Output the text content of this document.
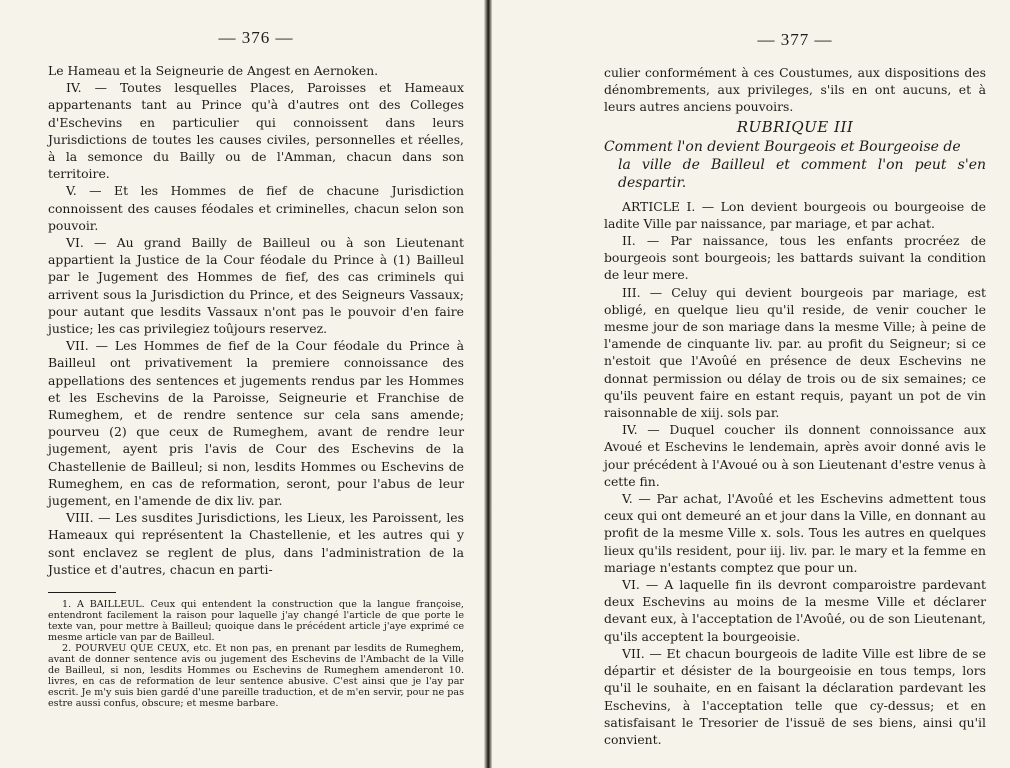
— 376 —

Le Hameau et la Seigneurie de Angest en Aernoken.

IV. — Toutes lesquelles Places, Paroisses et Hameaux appartenants tant au Prince qu'à d'autres ont des Colleges d'Eschevins en particulier qui connoissent dans leurs Jurisdictions de toutes les causes civiles, personnelles et réelles, à la semonce du Bailly ou de l'Amman, chacun dans son territoire.

V. — Et les Hommes de fief de chacune Jurisdiction connoissent des causes féodales et criminelles, chacun selon son pouvoir.

VI. — Au grand Bailly de Bailleul ou à son Lieutenant appartient la Justice de la Cour féodale du Prince à (1) Bailleul par le Jugement des Hommes de fief, des cas criminels qui arrivent sous la Jurisdiction du Prince, et des Seigneurs Vassaux; pour autant que lesdits Vassaux n'ont pas le pouvoir d'en faire justice; les cas privilegiez toûjours reservez.

VII. — Les Hommes de fief de la Cour féodale du Prince à Bailleul ont privativement la premiere connoissance des appellations des sentences et jugements rendus par les Hommes et les Eschevins de la Paroisse, Seigneurie et Franchise de Rumeghem, et de rendre sentence sur cela sans amende; pourveu (2) que ceux de Rumeghem, avant de rendre leur jugement, ayent pris l'avis de Cour des Eschevins de la Chastellenie de Bailleul; si non, lesdits Hommes ou Eschevins de Rumeghem, en cas de reformation, seront, pour l'abus de leur jugement, en l'amende de dix liv. par.

VIII. — Les susdites Jurisdictions, les Lieux, les Paroissent, les Hameaux qui représentent la Chastellenie, et les autres qui y sont enclavez se reglent de plus, dans l'administration de la Justice et d'autres, chacun en parti-

1. A BAILLEUL. Ceux qui entendent la construction que la langue françoise, entendront facilement la raison pour laquelle j'ay changé l'article de que porte le texte van, pour mettre à Bailleul; quoique dans le précédent article j'aye exprimé ce mesme article van par de Bailleul.

2. POURVEU QUE CEUX, etc. Et non pas, en prenant par lesdits de Rumeghem, avant de donner sentence avis ou jugement des Eschevins de l'Ambacht de la Ville de Bailleul, si non, lesdits Hommes ou Eschevins de Rumeghem amenderont 10. livres, en cas de reformation de leur sentence abusive. C'est ainsi que je l'ay par escrit. Je m'y suis bien gardé d'une pareille traduction, et de m'en servir, pour ne pas estre aussi confus, obscure; et mesme barbare.

— 377 —

culier conformément à ces Coustumes, aux dispositions des dénombrements, aux privileges, s'ils en ont aucuns, et à leurs autres anciens pouvoirs.

RUBRIQUE III
Comment l'on devient Bourgeois et Bourgeoise de
la ville de Bailleul et comment l'on peut s'en despartir.

ARTICLE I. — Lon devient bourgeois ou bourgeoise de ladite Ville par naissance, par mariage, et par achat.

II. — Par naissance, tous les enfants procréez de bourgeois sont bourgeois; les battards suivant la condition de leur mere.

III. — Celuy qui devient bourgeois par mariage, est obligé, en quelque lieu qu'il reside, de venir coucher le mesme jour de son mariage dans la mesme Ville; à peine de l'amende de cinquante liv. par. au profit du Seigneur; si ce n'estoit que l'Avoûé en présence de deux Eschevins ne donnat permission ou délay de trois ou de six semaines; ce qu'ils peuvent faire en estant requis, payant un pot de vin raisonnable de xiij. sols par.

IV. — Duquel coucher ils donnent connoissance aux Avoué et Eschevins le lendemain, après avoir donné avis le jour précédent à l'Avoué ou à son Lieutenant d'estre venus à cette fin.

V. — Par achat, l'Avoûé et les Eschevins admettent tous ceux qui ont demeuré an et jour dans la Ville, en donnant au profit de la mesme Ville x. sols. Tous les autres en quelques lieux qu'ils resident, pour iij. liv. par. le mary et la femme en mariage n'estants comptez que pour un.

VI. — A laquelle fin ils devront comparoistre pardevant deux Eschevins au moins de la mesme Ville et déclarer devant eux, à l'acceptation de l'Avoûé, ou de son Lieutenant, qu'ils acceptent la bourgeoisie.

VII. — Et chacun bourgeois de ladite Ville est libre de se départir et désister de la bourgeoisie en tous temps, lors qu'il le souhaite, en en faisant la déclaration pardevant les Eschevins, à l'acceptation telle que cy-dessus; et en satisfaisant le Tresorier de l'issuë de ses biens, ainsi qu'il convient.
